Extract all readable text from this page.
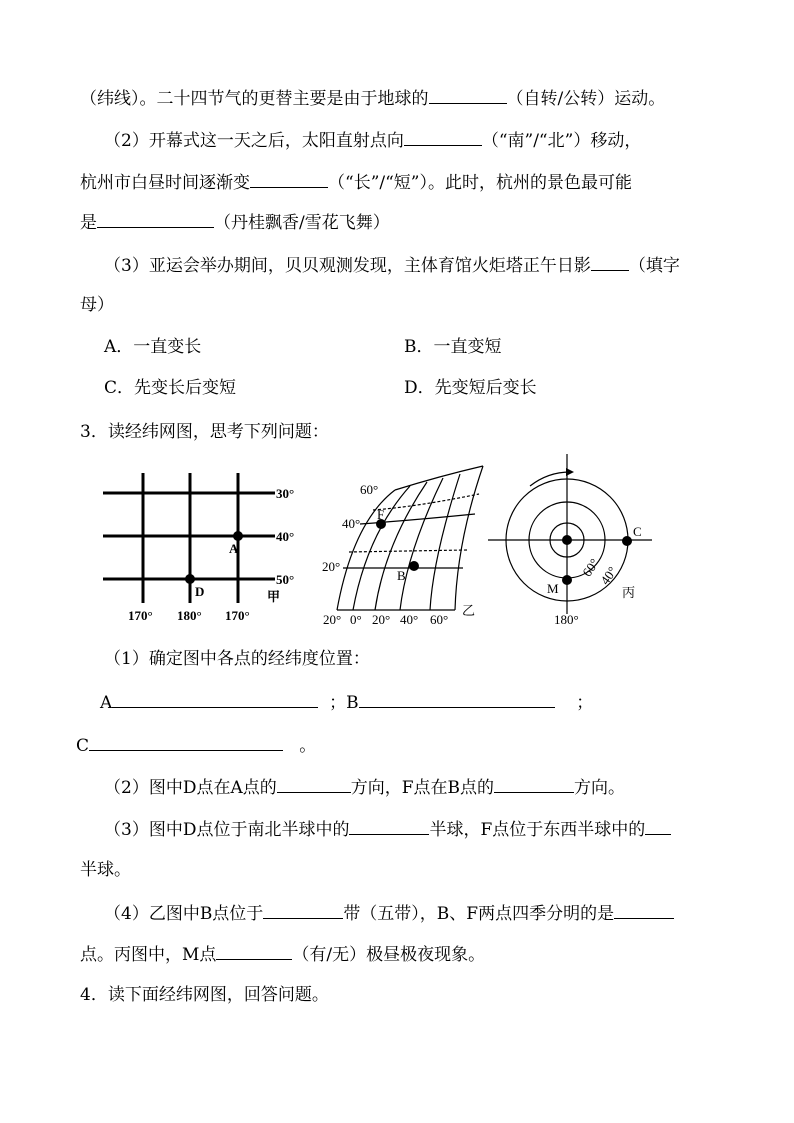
（纬线）。二十四节气的更替主要是由于地球的	（自转/公转）运动。
（2）开幕式这一天之后，太阳直射点向	（“南”/“北”）移动，
杭州市白昼时间逐渐变	（“长”/“短”）。此时，杭州的景色最可能
是	（丹桂飘香/雪花飞舞）
（3）亚运会举办期间，贝贝观测发现，主体育馆火炬塔正午日影 （填字
母）
A．一直变长	B．一直变短
C．先变长后变短	D．先变短后变长
3．读经纬网图，思考下列问题：
A
D
30°
40°
50°
甲
170° 180° 170°
F
B
60°
40°
20°
20° 0° 20° 40° 60°
乙
C
M
60°
40°
180°
丙
（1）确定图中各点的经纬度位置：
A	；B	；
C	。
（2）图中D点在A点的	方向，F点在B点的	方向。
（3）图中D点位于南北半球中的	半球，F点位于东西半球中的
半球。
（4）乙图中B点位于	带（五带），B、F两点四季分明的是
点。丙图中，M点	（有/无）极昼极夜现象。
4．读下面经纬网图，回答问题。
